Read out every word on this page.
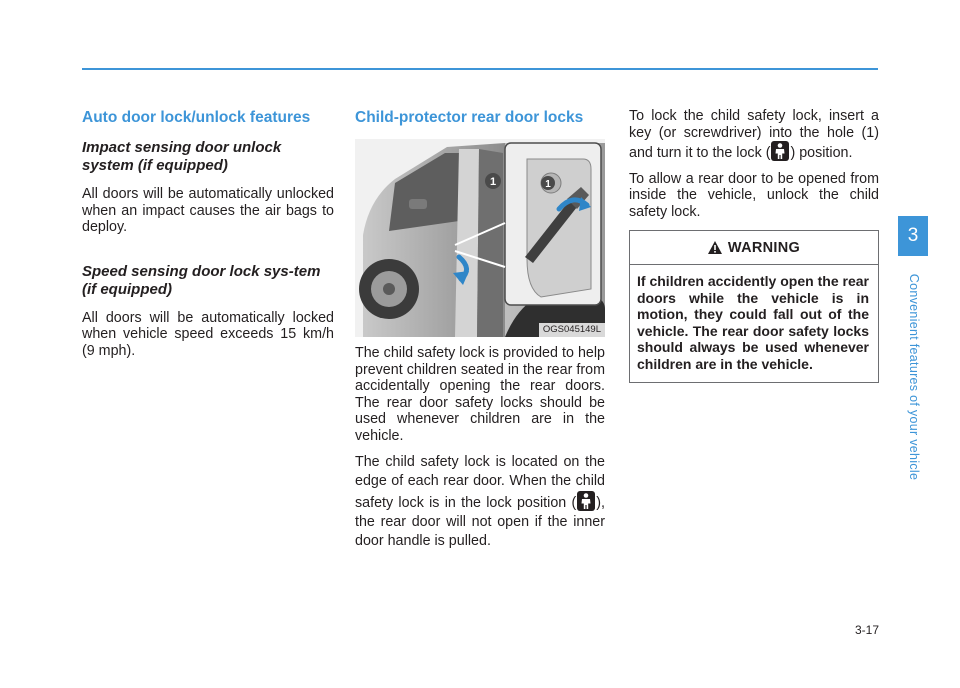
Auto door lock/unlock features
Impact sensing door unlock system (if equipped)

All doors will be automatically unlocked when an impact causes the air bags to deploy.

Speed sensing door lock sys-tem (if equipped)

All doors will be automatically locked when vehicle speed exceeds 15 km/h (9 mph).

Child-protector rear door locks
1	1
OGS045149L

The child safety lock is provided to help prevent children seated in the rear from accidentally opening the rear doors. The rear door safety locks should be used whenever children are in the vehicle.

The child safety lock is located on the edge of each rear door. When the child safety lock is in the lock position ( ), the rear door will not open if the inner door handle is pulled.

To lock the child safety lock, insert a key (or screwdriver) into the hole (1) and turn it to the lock ( ) position.

To allow a rear door to be opened from inside the vehicle, unlock the child safety lock.

WARNING
If children accidently open the rear doors while the vehicle is in motion, they could fall out of the vehicle. The rear door safety locks should always be used whenever children are in the vehicle.
3
Convenient features of your vehicle
3-17
